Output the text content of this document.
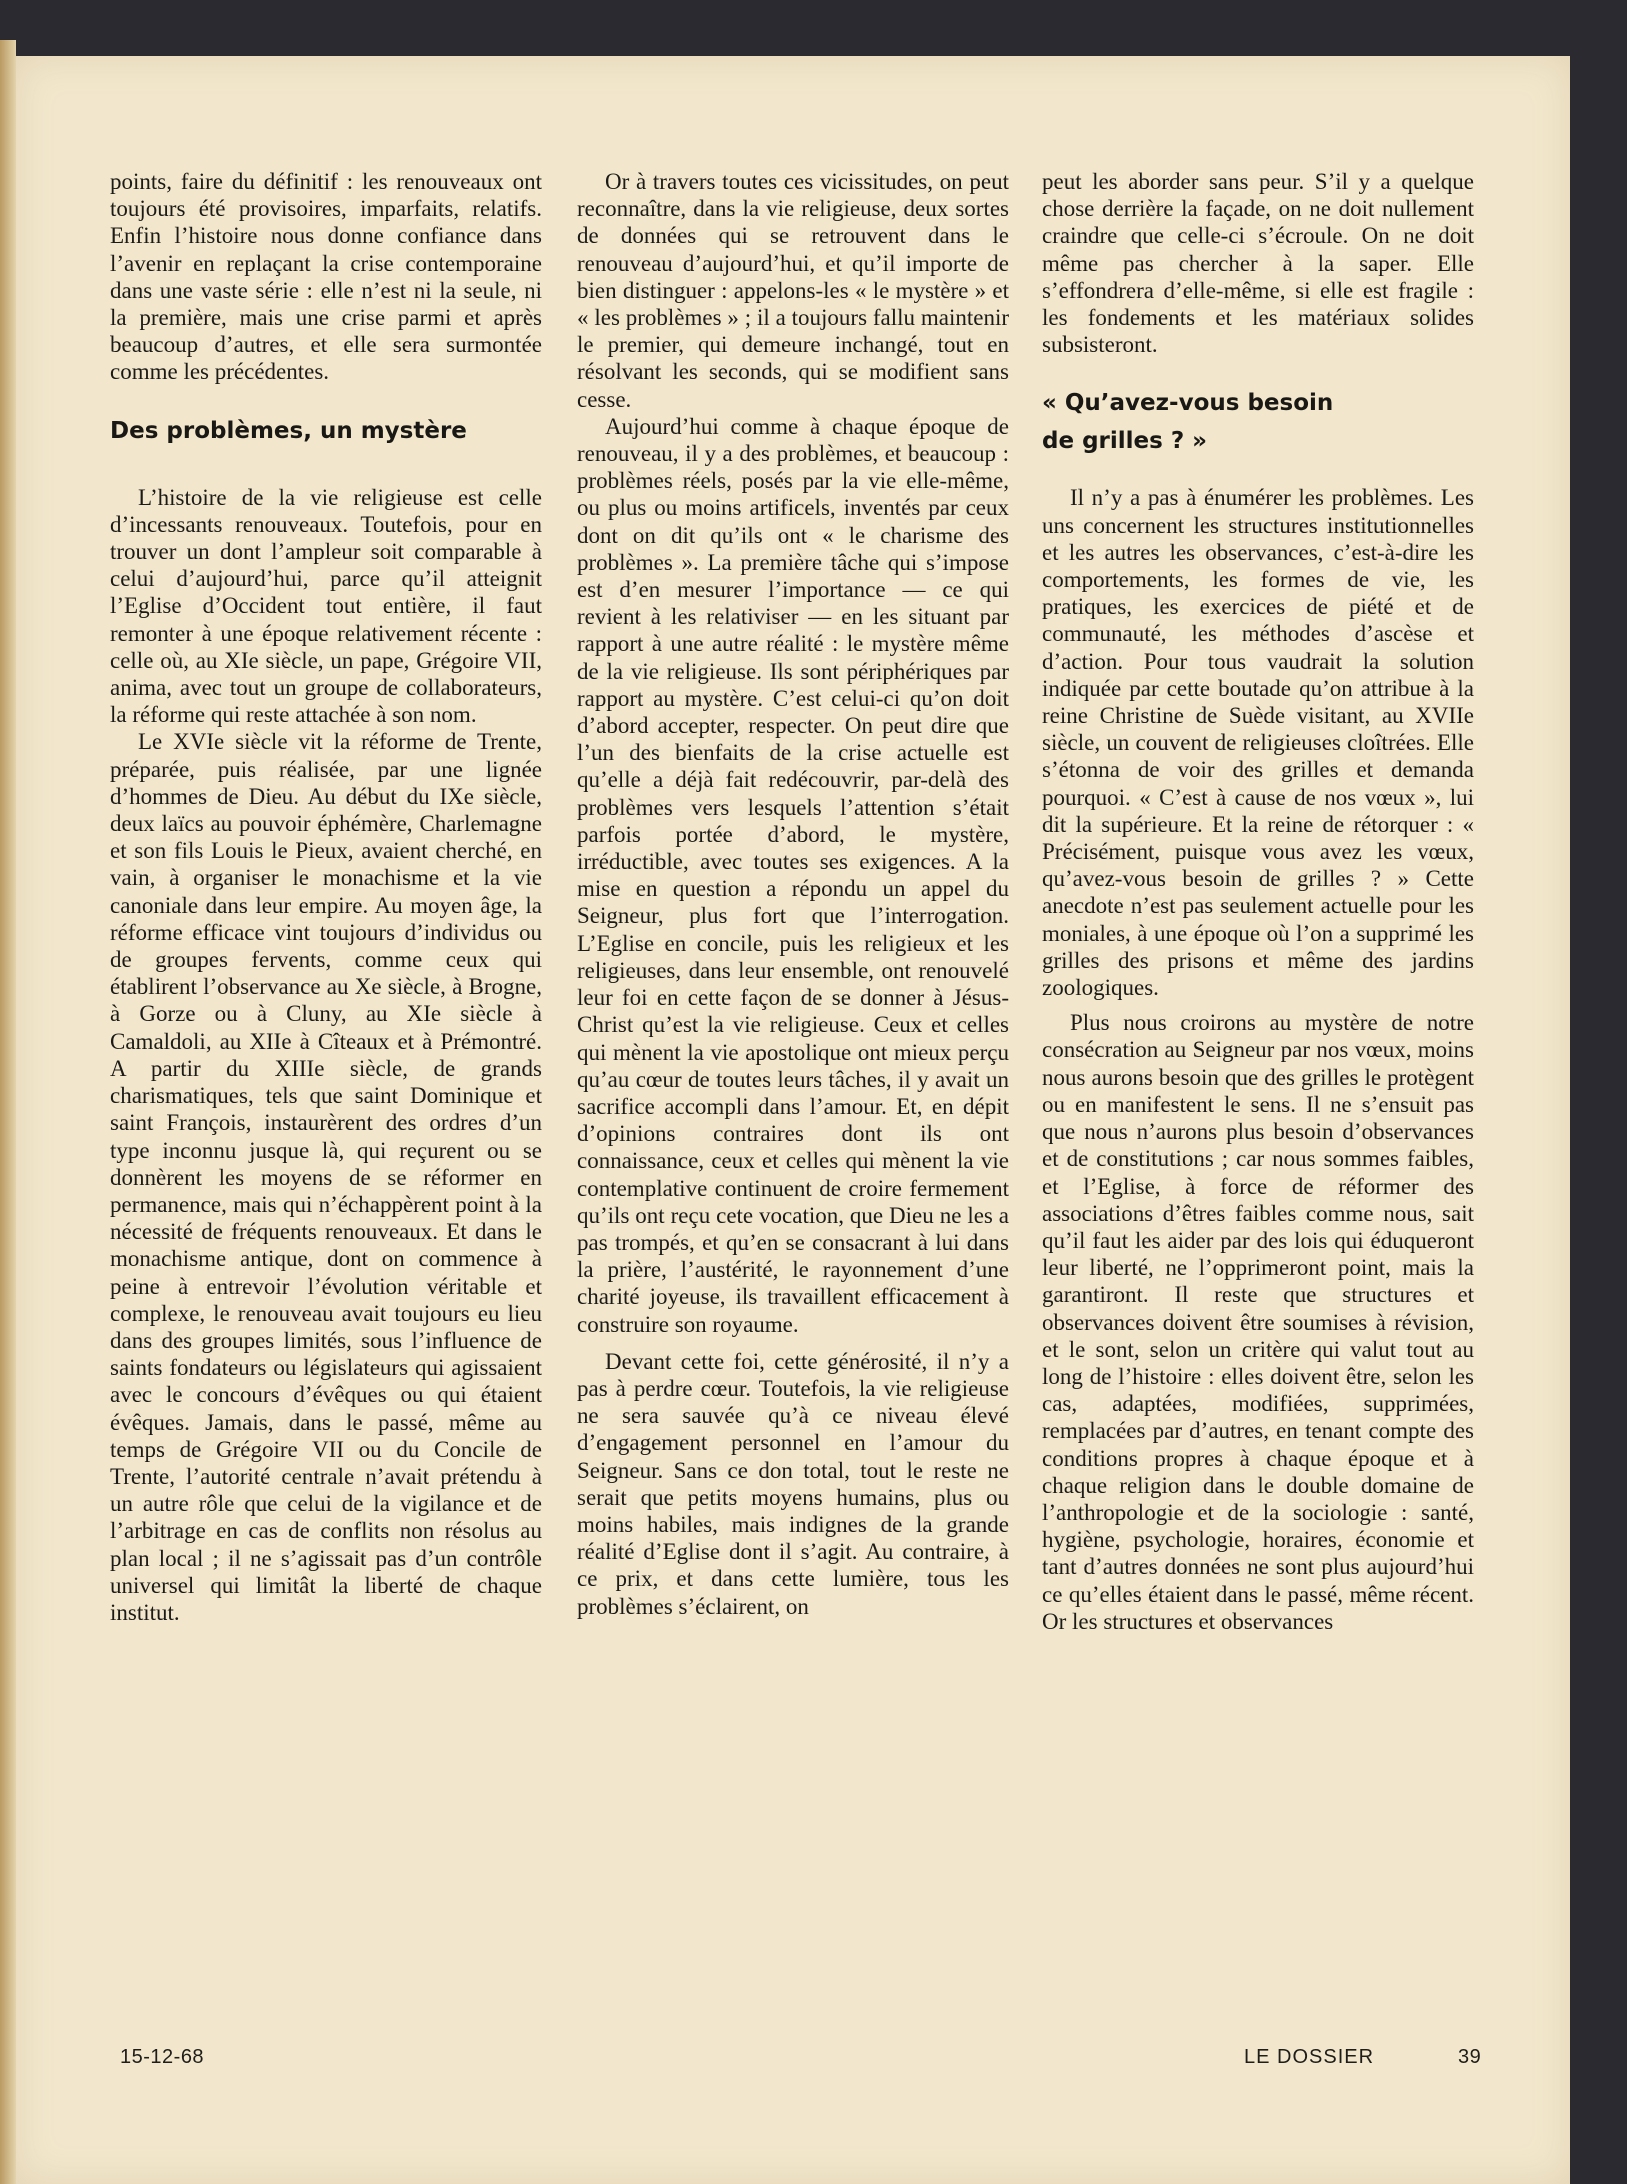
points, faire du définitif : les renouveaux ont toujours été provisoires, imparfaits, relatifs. Enfin l’histoire nous donne confiance dans l’avenir en replaçant la crise contemporaine dans une vaste série : elle n’est ni la seule, ni la première, mais une crise parmi et après beaucoup d’autres, et elle sera surmontée comme les précédentes.

Des problèmes, un mystère

L’histoire de la vie religieuse est celle d’incessants renouveaux. Toutefois, pour en trouver un dont l’ampleur soit comparable à celui d’aujourd’hui, parce qu’il atteignit l’Eglise d’Occident tout entière, il faut remonter à une époque relativement récente : celle où, au XIe siècle, un pape, Grégoire VII, anima, avec tout un groupe de collaborateurs, la réforme qui reste attachée à son nom.

Le XVIe siècle vit la réforme de Trente, préparée, puis réalisée, par une lignée d’hommes de Dieu. Au début du IXe siècle, deux laïcs au pouvoir éphémère, Charlemagne et son fils Louis le Pieux, avaient cherché, en vain, à organiser le monachisme et la vie canoniale dans leur empire. Au moyen âge, la réforme efficace vint toujours d’individus ou de groupes fervents, comme ceux qui établirent l’observance au Xe siècle, à Brogne, à Gorze ou à Cluny, au XIe siècle à Camaldoli, au XIIe à Cîteaux et à Prémontré. A partir du XIIIe siècle, de grands charismatiques, tels que saint Dominique et saint François, instaurèrent des ordres d’un type inconnu jusque là, qui reçurent ou se donnèrent les moyens de se réformer en permanence, mais qui n’échappèrent point à la nécessité de fréquents renouveaux. Et dans le monachisme antique, dont on commence à peine à entrevoir l’évolution véritable et complexe, le renouveau avait toujours eu lieu dans des groupes limités, sous l’influence de saints fondateurs ou législateurs qui agissaient avec le concours d’évêques ou qui étaient évêques. Jamais, dans le passé, même au temps de Grégoire VII ou du Concile de Trente, l’autorité centrale n’avait prétendu à un autre rôle que celui de la vigilance et de l’arbitrage en cas de conflits non résolus au plan local ; il ne s’agissait pas d’un contrôle universel qui limitât la liberté de chaque institut.

Or à travers toutes ces vicissitudes, on peut reconnaître, dans la vie religieuse, deux sortes de données qui se retrouvent dans le renouveau d’aujourd’hui, et qu’il importe de bien distinguer : appelons-les « le mystère » et « les problèmes » ; il a toujours fallu maintenir le premier, qui demeure inchangé, tout en résolvant les seconds, qui se modifient sans cesse.

Aujourd’hui comme à chaque époque de renouveau, il y a des problèmes, et beaucoup : problèmes réels, posés par la vie elle-même, ou plus ou moins artificels, inventés par ceux dont on dit qu’ils ont « le charisme des problèmes ». La première tâche qui s’impose est d’en mesurer l’importance — ce qui revient à les relativiser — en les situant par rapport à une autre réalité : le mystère même de la vie religieuse. Ils sont périphériques par rapport au mystère. C’est celui-ci qu’on doit d’abord accepter, respecter. On peut dire que l’un des bienfaits de la crise actuelle est qu’elle a déjà fait redécouvrir, par-delà des problèmes vers lesquels l’attention s’était parfois portée d’abord, le mystère, irréductible, avec toutes ses exigences. A la mise en question a répondu un appel du Seigneur, plus fort que l’interrogation. L’Eglise en concile, puis les religieux et les religieuses, dans leur ensemble, ont renouvelé leur foi en cette façon de se donner à Jésus-Christ qu’est la vie religieuse. Ceux et celles qui mènent la vie apostolique ont mieux perçu qu’au cœur de toutes leurs tâches, il y avait un sacrifice accompli dans l’amour. Et, en dépit d’opinions contraires dont ils ont connaissance, ceux et celles qui mènent la vie contemplative continuent de croire fermement qu’ils ont reçu cete vocation, que Dieu ne les a pas trompés, et qu’en se consacrant à lui dans la prière, l’austérité, le rayonnement d’une charité joyeuse, ils travaillent efficacement à construire son royaume.

Devant cette foi, cette générosité, il n’y a pas à perdre cœur. Toutefois, la vie religieuse ne sera sauvée qu’à ce niveau élevé d’engagement personnel en l’amour du Seigneur. Sans ce don total, tout le reste ne serait que petits moyens humains, plus ou moins habiles, mais indignes de la grande réalité d’Eglise dont il s’agit. Au contraire, à ce prix, et dans cette lumière, tous les problèmes s’éclairent, on

peut les aborder sans peur. S’il y a quelque chose derrière la façade, on ne doit nullement craindre que celle-ci s’écroule. On ne doit même pas chercher à la saper. Elle s’effondrera d’elle-même, si elle est fragile : les fondements et les matériaux solides subsisteront.

« Qu’avez-vous besoin
de grilles ? »

Il n’y a pas à énumérer les problèmes. Les uns concernent les structures institutionnelles et les autres les observances, c’est-à-dire les comportements, les formes de vie, les pratiques, les exercices de piété et de communauté, les méthodes d’ascèse et d’action. Pour tous vaudrait la solution indiquée par cette boutade qu’on attribue à la reine Christine de Suède visitant, au XVIIe siècle, un couvent de religieuses cloîtrées. Elle s’étonna de voir des grilles et demanda pourquoi. « C’est à cause de nos vœux », lui dit la supérieure. Et la reine de rétorquer : « Précisément, puisque vous avez les vœux, qu’avez-vous besoin de grilles ? » Cette anecdote n’est pas seulement actuelle pour les moniales, à une époque où l’on a supprimé les grilles des prisons et même des jardins zoologiques.

Plus nous croirons au mystère de notre consécration au Seigneur par nos vœux, moins nous aurons besoin que des grilles le protègent ou en manifestent le sens. Il ne s’ensuit pas que nous n’aurons plus besoin d’observances et de constitutions ; car nous sommes faibles, et l’Eglise, à force de réformer des associations d’êtres faibles comme nous, sait qu’il faut les aider par des lois qui éduqueront leur liberté, ne l’opprimeront point, mais la garantiront. Il reste que structures et observances doivent être soumises à révision, et le sont, selon un critère qui valut tout au long de l’histoire : elles doivent être, selon les cas, adaptées, modifiées, supprimées, remplacées par d’autres, en tenant compte des conditions propres à chaque époque et à chaque religion dans le double domaine de l’anthropologie et de la sociologie : santé, hygiène, psychologie, horaires, économie et tant d’autres données ne sont plus aujourd’hui ce qu’elles étaient dans le passé, même récent. Or les structures et observances

15-12-68	LE DOSSIER	39
